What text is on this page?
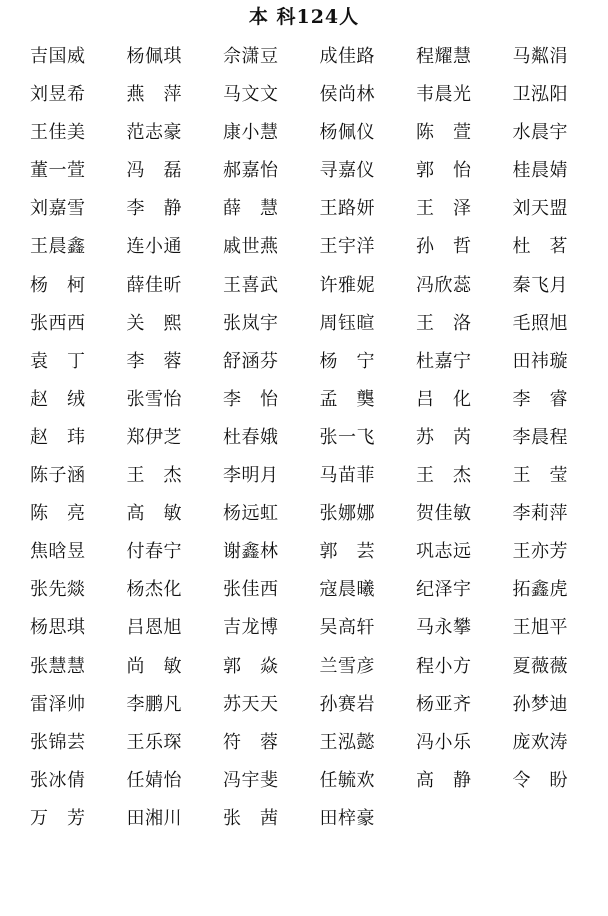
本 科124人
吉国威 杨佩琪 佘潇豆 成佳路 程耀慧 马粼涓
刘昱希 燕 萍 马文文 侯尚林 韦晨光 卫泓阳
王佳美 范志豪 康小慧 杨佩仪 陈 萱 水晨宇
董一萱 冯 磊 郝嘉怡 寻嘉仪 郭 怡 桂晨婧
刘嘉雪 李 静 薛 慧 王路妍 王 泽 刘天盟
王晨鑫 连小通 戚世燕 王宇洋 孙 哲 杜 茗
杨 柯 薛佳昕 王喜武 许雅妮 冯欣蕊 秦飞月
张西西 关 熙 张岚宇 周钰暄 王 洛 毛照旭
袁 丁 李 蓉 舒涵芬 杨 宁 杜嘉宁 田祎璇
赵 绒 张雪怡 李 怡 孟 龑 吕 化 李 睿
赵 玮 郑伊芝 杜春娥 张一飞 苏 芮 李晨程
陈子涵 王 杰 李明月 马苗菲 王 杰 王 莹
陈 亮 高 敏 杨远虹 张娜娜 贺佳敏 李莉萍
焦晗昱 付春宁 谢鑫林 郭 芸 巩志远 王亦芳
张先燚 杨杰化 张佳西 寇晨曦 纪泽宇 拓鑫虎
杨思琪 吕恩旭 吉龙博 吴高轩 马永攀 王旭平
张慧慧 尚 敏 郭 焱 兰雪彦 程小方 夏薇薇
雷泽帅 李鹏凡 苏天天 孙赛岩 杨亚齐 孙梦迪
张锦芸 王乐琛 符 蓉 王泓懿 冯小乐 庞欢涛
张冰倩 任婧怡 冯宇斐 任毓欢 高 静 令 盼
万 芳 田湘川 张 茜 田梓豪
